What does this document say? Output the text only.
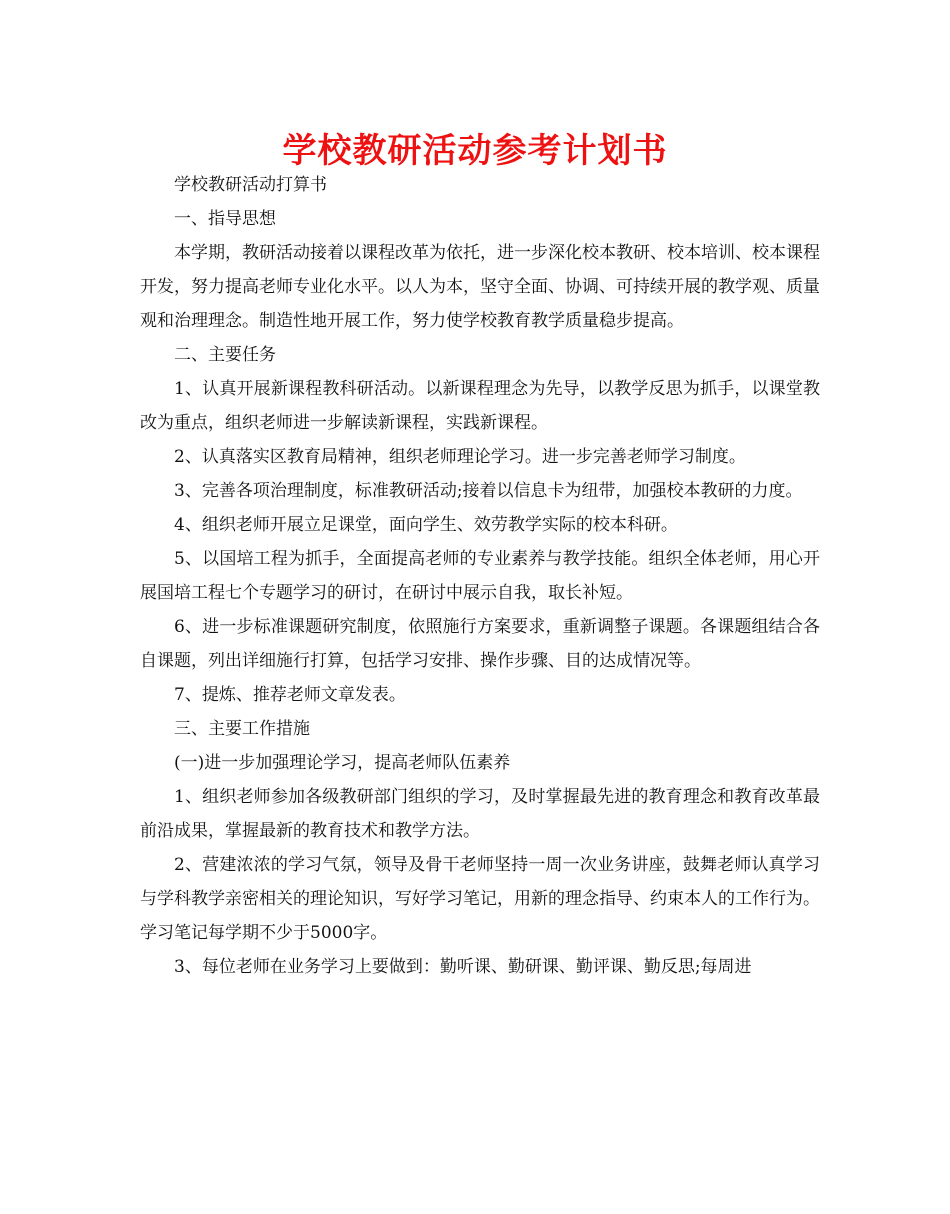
学校教研活动参考计划书

学校教研活动打算书

一、指导思想

本学期，教研活动接着以课程改革为依托，进一步深化校本教研、校本培训、校本课程开发，努力提高老师专业化水平。以人为本，坚守全面、协调、可持续开展的教学观、质量观和治理理念。制造性地开展工作，努力使学校教育教学质量稳步提高。

二、主要任务

1、认真开展新课程教科研活动。以新课程理念为先导，以教学反思为抓手，以课堂教改为重点，组织老师进一步解读新课程，实践新课程。

2、认真落实区教育局精神，组织老师理论学习。进一步完善老师学习制度。

3、完善各项治理制度，标准教研活动;接着以信息卡为纽带，加强校本教研的力度。

4、组织老师开展立足课堂，面向学生、效劳教学实际的校本科研。

5、以国培工程为抓手，全面提高老师的专业素养与教学技能。组织全体老师，用心开展国培工程七个专题学习的研讨，在研讨中展示自我，取长补短。

6、进一步标准课题研究制度，依照施行方案要求，重新调整子课题。各课题组结合各自课题，列出详细施行打算，包括学习安排、操作步骤、目的达成情况等。

7、提炼、推荐老师文章发表。

三、主要工作措施

(一)进一步加强理论学习，提高老师队伍素养

1、组织老师参加各级教研部门组织的学习，及时掌握最先进的教育理念和教育改革最前沿成果，掌握最新的教育技术和教学方法。

2、营建浓浓的学习气氛，领导及骨干老师坚持一周一次业务讲座，鼓舞老师认真学习与学科教学亲密相关的理论知识，写好学习笔记，用新的理念指导、约束本人的工作行为。学习笔记每学期不少于5000字。

3、每位老师在业务学习上要做到：勤听课、勤研课、勤评课、勤反思;每周进
